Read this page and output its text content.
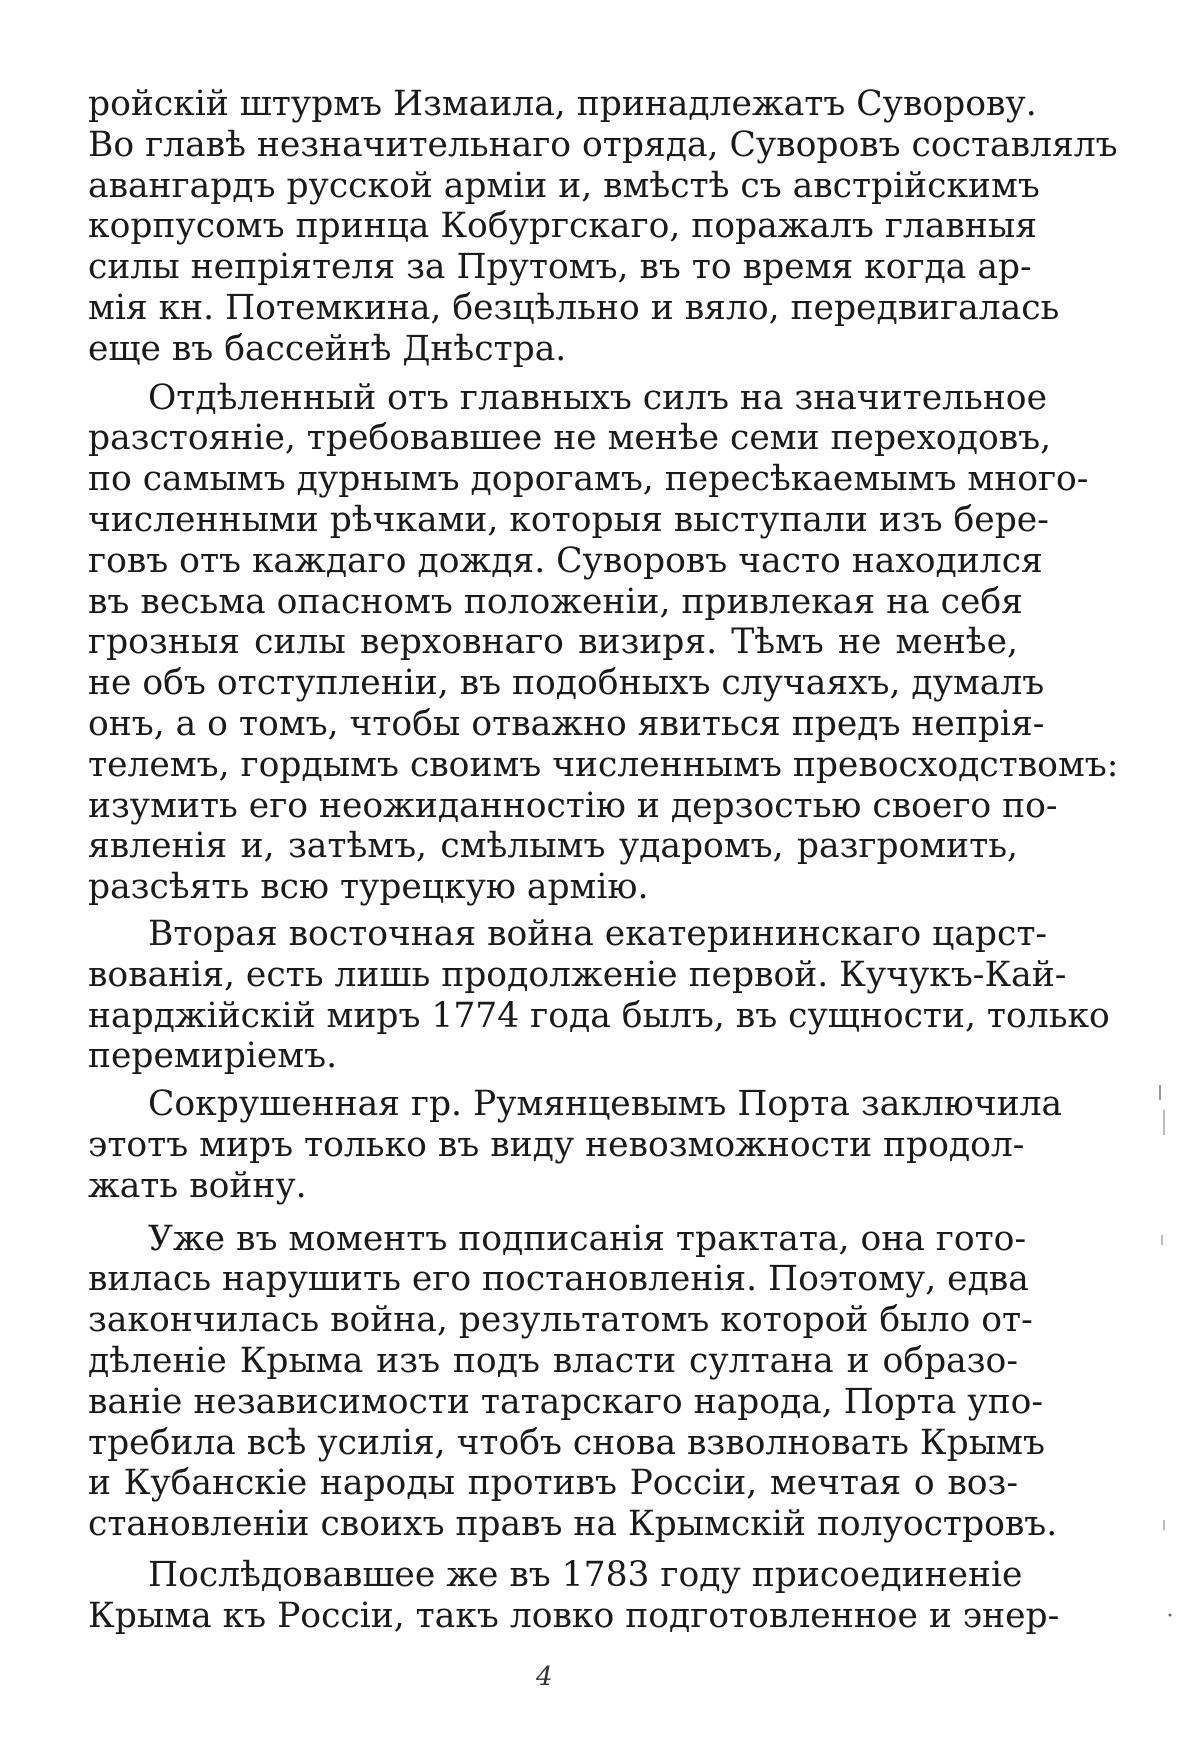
ройскій штурмъ Измаила, принадлежатъ Суворову.
Во главѣ незначительнаго отряда, Суворовъ составлялъ
авангардъ русской арміи и, вмѣстѣ съ австрійскимъ
корпусомъ принца Кобургскаго, поражалъ главныя
силы непріятеля за Прутомъ, въ то время когда ар-
мія кн. Потемкина, безцѣльно и вяло, передвигалась
еще въ бассейнѣ Днѣстра.

Отдѣленный отъ главныхъ силъ на значительное
разстояніе, требовавшее не менѣе семи переходовъ,
по самымъ дурнымъ дорогамъ, пересѣкаемымъ много-
численными рѣчками, которыя выступали изъ бере-
говъ отъ каждаго дождя. Суворовъ часто находился
въ весьма опасномъ положеніи, привлекая на себя
грозныя силы верховнаго визиря. Тѣмъ не менѣе,
не объ отступленіи, въ подобныхъ случаяхъ, думалъ
онъ, а о томъ, чтобы отважно явиться предъ непрія-
телемъ, гордымъ своимъ численнымъ превосходствомъ:
изумить его неожиданностію и дерзостью своего по-
явленія и, затѣмъ, смѣлымъ ударомъ, разгромить,
разсѣять всю турецкую армію.

Вторая восточная война екатерининскаго царст-
вованія, есть лишь продолженіе первой. Кучукъ-Кай-
нарджійскій миръ 1774 года былъ, въ сущности, только
перемиріемъ.

Сокрушенная гр. Румянцевымъ Порта заключила
этотъ миръ только въ виду невозможности продол-
жать войну.

Уже въ моментъ подписанія трактата, она гото-
вилась нарушить его постановленія. Поэтому, едва
закончилась война, результатомъ которой было от-
дѣленіе Крыма изъ подъ власти султана и образо-
ваніе независимости татарскаго народа, Порта упо-
требила всѣ усилія, чтобъ снова взволновать Крымъ
и Кубанскіе народы противъ Россіи, мечтая о воз-
становленіи своихъ правъ на Крымскій полуостровъ.

Послѣдовавшее же въ 1783 году присоединеніе
Крыма къ Россіи, такъ ловко подготовленное и энер-

4
